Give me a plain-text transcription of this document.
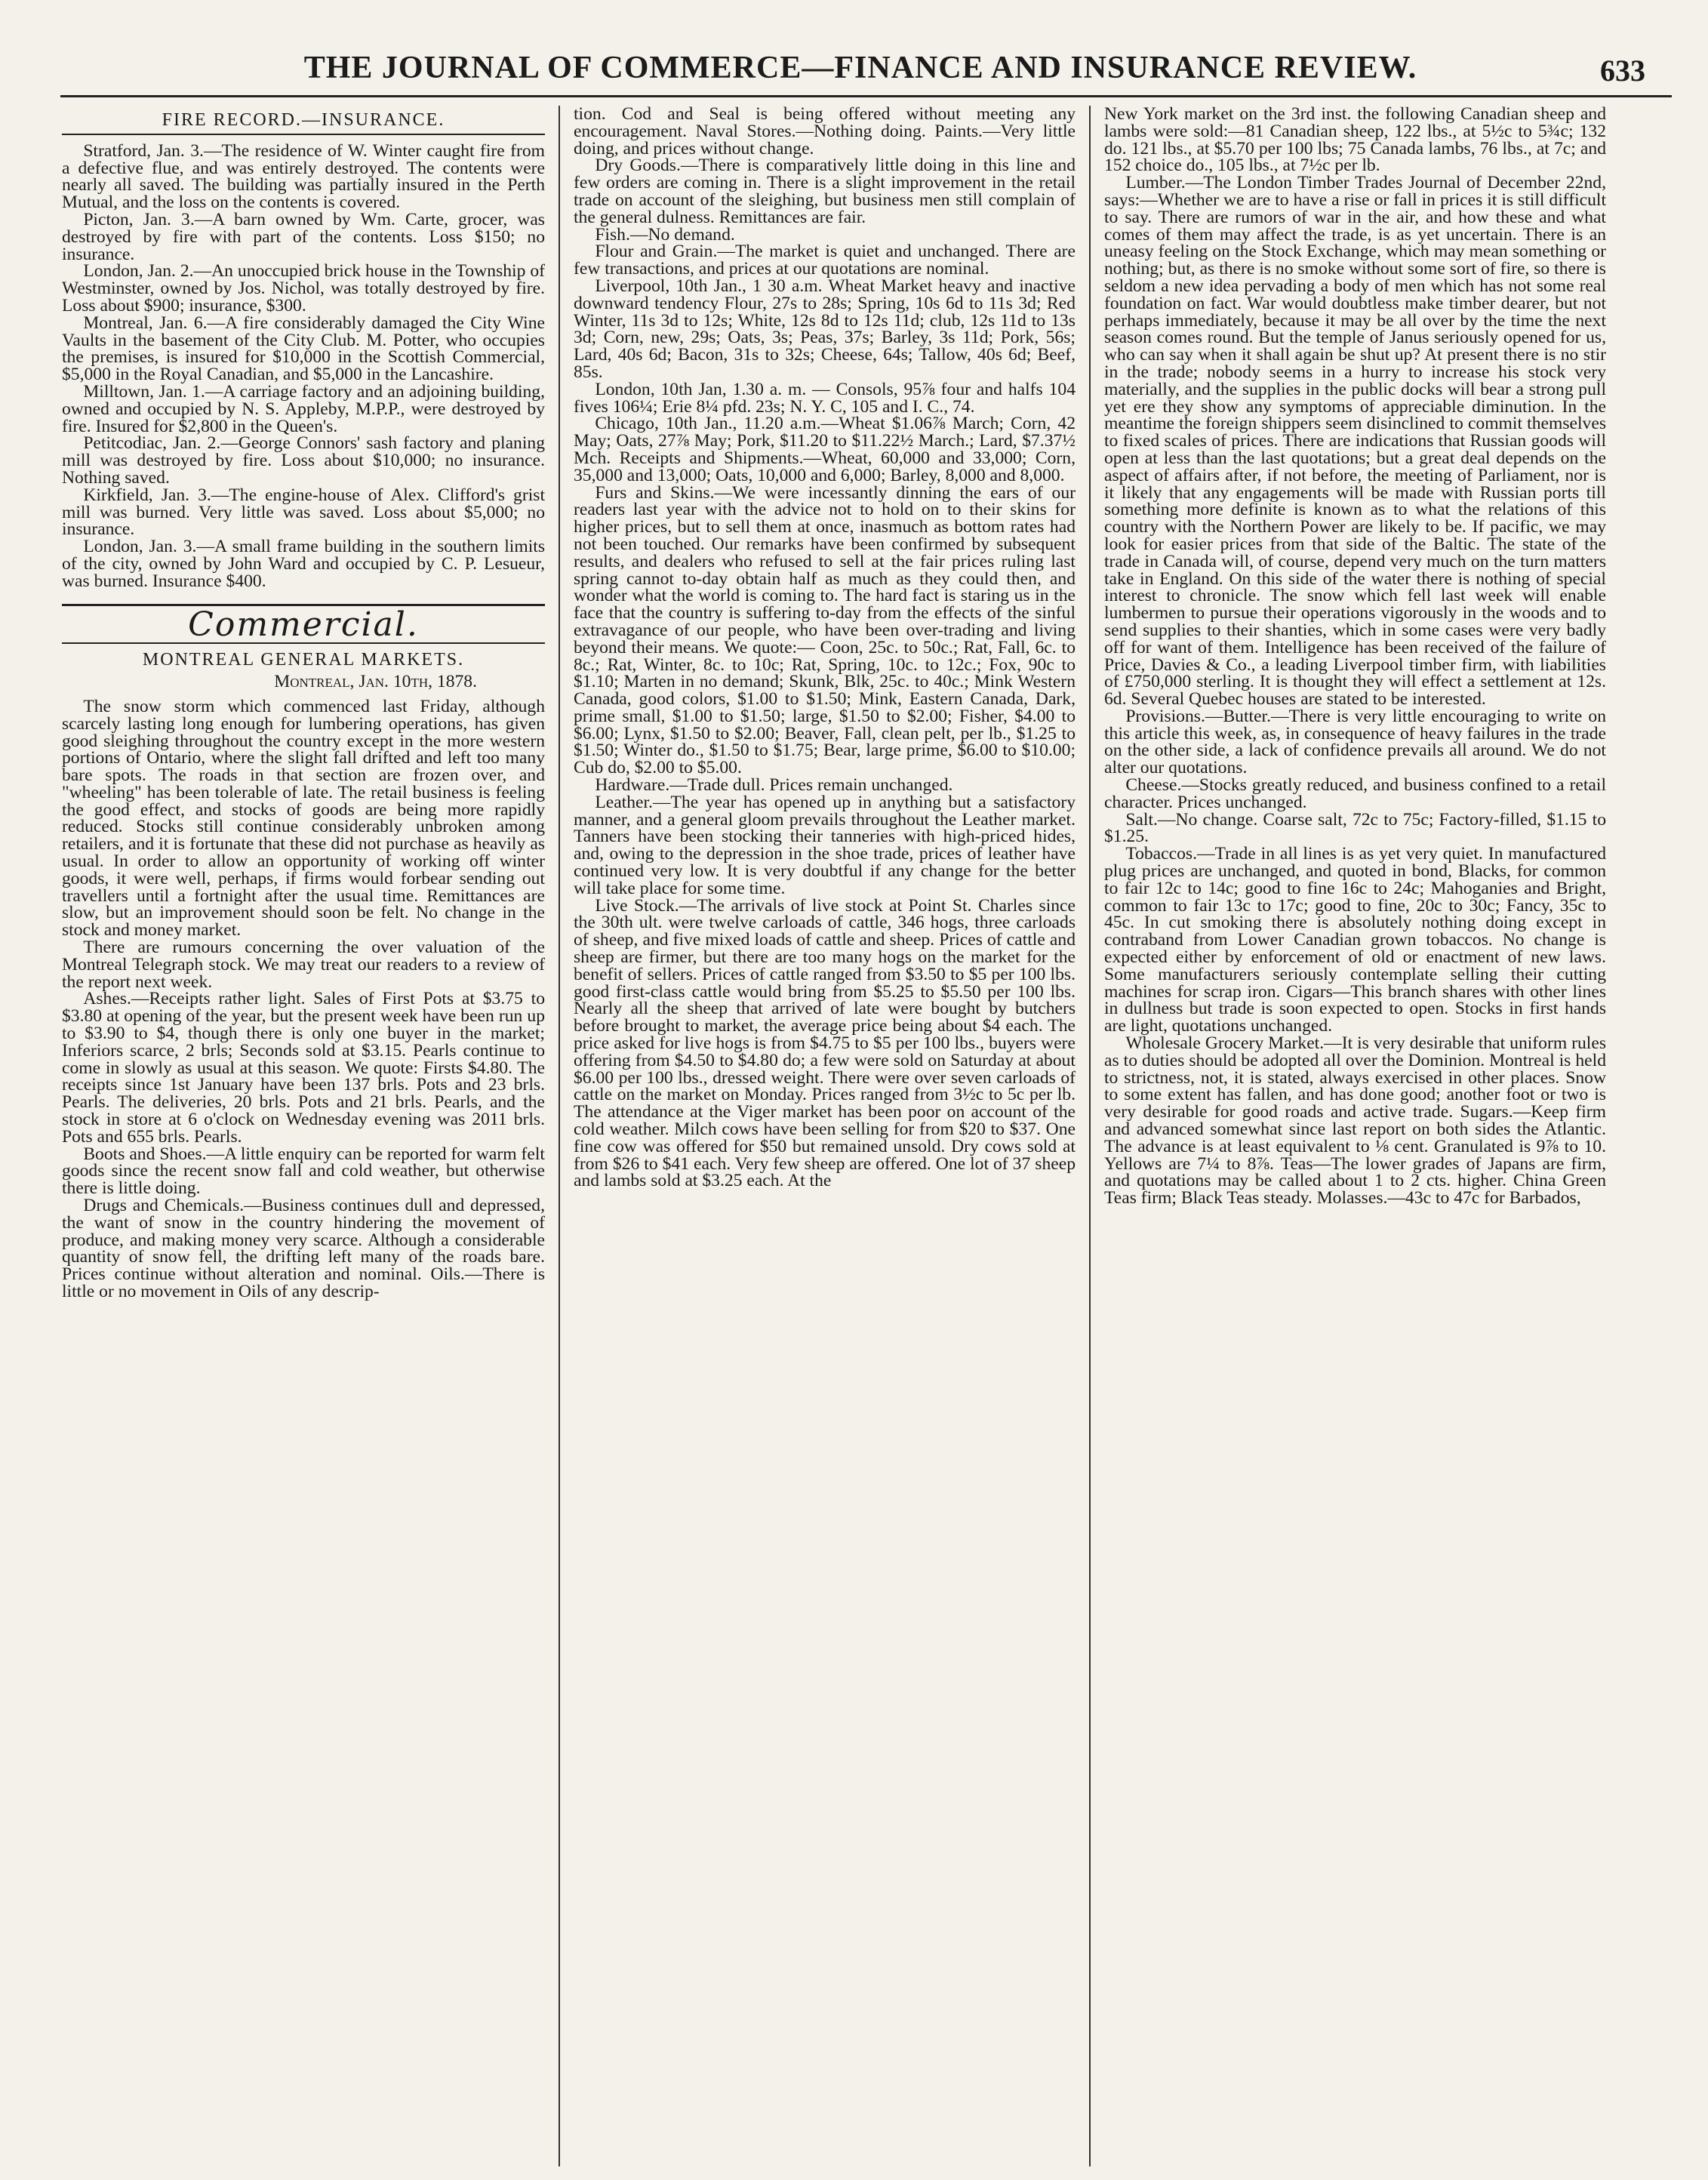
THE JOURNAL OF COMMERCE—FINANCE AND INSURANCE REVIEW.	633
FIRE RECORD.—INSURANCE.

Stratford, Jan. 3.—The residence of W. Winter caught fire from a defective flue, and was entirely destroyed. The contents were nearly all saved. The building was partially insured in the Perth Mutual, and the loss on the contents is covered.

Picton, Jan. 3.—A barn owned by Wm. Carte, grocer, was destroyed by fire with part of the contents. Loss $150; no insurance.

London, Jan. 2.—An unoccupied brick house in the Township of Westminster, owned by Jos. Nichol, was totally destroyed by fire. Loss about $900; insurance, $300.

Montreal, Jan. 6.—A fire considerably damaged the City Wine Vaults in the basement of the City Club. M. Potter, who occupies the premises, is insured for $10,000 in the Scottish Commercial, $5,000 in the Royal Canadian, and $5,000 in the Lancashire.

Milltown, Jan. 1.—A carriage factory and an adjoining building, owned and occupied by N. S. Appleby, M.P.P., were destroyed by fire. Insured for $2,800 in the Queen's.

Petitcodiac, Jan. 2.—George Connors' sash factory and planing mill was destroyed by fire. Loss about $10,000; no insurance. Nothing saved.

Kirkfield, Jan. 3.—The engine-house of Alex. Clifford's grist mill was burned. Very little was saved. Loss about $5,000; no insurance.

London, Jan. 3.—A small frame building in the southern limits of the city, owned by John Ward and occupied by C. P. Lesueur, was burned. Insurance $400.

Commercial.
MONTREAL GENERAL MARKETS.

Montreal, Jan. 10th, 1878.

The snow storm which commenced last Friday, although scarcely lasting long enough for lumbering operations, has given good sleighing throughout the country except in the more western portions of Ontario, where the slight fall drifted and left too many bare spots. The roads in that section are frozen over, and "wheeling" has been tolerable of late. The retail business is feeling the good effect, and stocks of goods are being more rapidly reduced. Stocks still continue considerably unbroken among retailers, and it is fortunate that these did not purchase as heavily as usual. In order to allow an opportunity of working off winter goods, it were well, perhaps, if firms would forbear sending out travellers until a fortnight after the usual time. Remittances are slow, but an improvement should soon be felt. No change in the stock and money market.

There are rumours concerning the over valuation of the Montreal Telegraph stock. We may treat our readers to a review of the report next week.

Ashes.—Receipts rather light. Sales of First Pots at $3.75 to $3.80 at opening of the year, but the present week have been run up to $3.90 to $4, though there is only one buyer in the market; Inferiors scarce, 2 brls; Seconds sold at $3.15. Pearls continue to come in slowly as usual at this season. We quote: Firsts $4.80. The receipts since 1st January have been 137 brls. Pots and 23 brls. Pearls. The deliveries, 20 brls. Pots and 21 brls. Pearls, and the stock in store at 6 o'clock on Wednesday evening was 2011 brls. Pots and 655 brls. Pearls.

Boots and Shoes.—A little enquiry can be reported for warm felt goods since the recent snow fall and cold weather, but otherwise there is little doing.

Drugs and Chemicals.—Business continues dull and depressed, the want of snow in the country hindering the movement of produce, and making money very scarce. Although a considerable quantity of snow fell, the drifting left many of the roads bare. Prices continue without alteration and nominal. Oils.—There is little or no movement in Oils of any descrip-

tion. Cod and Seal is being offered without meeting any encouragement. Naval Stores.—Nothing doing. Paints.—Very little doing, and prices without change.

Dry Goods.—There is comparatively little doing in this line and few orders are coming in. There is a slight improvement in the retail trade on account of the sleighing, but business men still complain of the general dulness. Remittances are fair.

Fish.—No demand.

Flour and Grain.—The market is quiet and unchanged. There are few transactions, and prices at our quotations are nominal.

Liverpool, 10th Jan., 1 30 a.m. Wheat Market heavy and inactive downward tendency Flour, 27s to 28s; Spring, 10s 6d to 11s 3d; Red Winter, 11s 3d to 12s; White, 12s 8d to 12s 11d; club, 12s 11d to 13s 3d; Corn, new, 29s; Oats, 3s; Peas, 37s; Barley, 3s 11d; Pork, 56s; Lard, 40s 6d; Bacon, 31s to 32s; Cheese, 64s; Tallow, 40s 6d; Beef, 85s.

London, 10th Jan, 1.30 a. m. — Consols, 95⅞ four and halfs 104 fives 106¼; Erie 8¼ pfd. 23s; N. Y. C, 105 and I. C., 74.

Chicago, 10th Jan., 11.20 a.m.—Wheat $1.06⅞ March; Corn, 42 May; Oats, 27⅞ May; Pork, $11.20 to $11.22½ March.; Lard, $7.37½ Mch. Receipts and Shipments.—Wheat, 60,000 and 33,000; Corn, 35,000 and 13,000; Oats, 10,000 and 6,000; Barley, 8,000 and 8,000.

Furs and Skins.—We were incessantly dinning the ears of our readers last year with the advice not to hold on to their skins for higher prices, but to sell them at once, inasmuch as bottom rates had not been touched. Our remarks have been confirmed by subsequent results, and dealers who refused to sell at the fair prices ruling last spring cannot to-day obtain half as much as they could then, and wonder what the world is coming to. The hard fact is staring us in the face that the country is suffering to-day from the effects of the sinful extravagance of our people, who have been over-trading and living beyond their means. We quote:— Coon, 25c. to 50c.; Rat, Fall, 6c. to 8c.; Rat, Winter, 8c. to 10c; Rat, Spring, 10c. to 12c.; Fox, 90c to $1.10; Marten in no demand; Skunk, Blk, 25c. to 40c.; Mink Western Canada, good colors, $1.00 to $1.50; Mink, Eastern Canada, Dark, prime small, $1.00 to $1.50; large, $1.50 to $2.00; Fisher, $4.00 to $6.00; Lynx, $1.50 to $2.00; Beaver, Fall, clean pelt, per lb., $1.25 to $1.50; Winter do., $1.50 to $1.75; Bear, large prime, $6.00 to $10.00; Cub do, $2.00 to $5.00.

Hardware.—Trade dull. Prices remain unchanged.

Leather.—The year has opened up in anything but a satisfactory manner, and a general gloom prevails throughout the Leather market. Tanners have been stocking their tanneries with high-priced hides, and, owing to the depression in the shoe trade, prices of leather have continued very low. It is very doubtful if any change for the better will take place for some time.

Live Stock.—The arrivals of live stock at Point St. Charles since the 30th ult. were twelve carloads of cattle, 346 hogs, three carloads of sheep, and five mixed loads of cattle and sheep. Prices of cattle and sheep are firmer, but there are too many hogs on the market for the benefit of sellers. Prices of cattle ranged from $3.50 to $5 per 100 lbs. good first-class cattle would bring from $5.25 to $5.50 per 100 lbs. Nearly all the sheep that arrived of late were bought by butchers before brought to market, the average price being about $4 each. The price asked for live hogs is from $4.75 to $5 per 100 lbs., buyers were offering from $4.50 to $4.80 do; a few were sold on Saturday at about $6.00 per 100 lbs., dressed weight. There were over seven carloads of cattle on the market on Monday. Prices ranged from 3½c to 5c per lb. The attendance at the Viger market has been poor on account of the cold weather. Milch cows have been selling for from $20 to $37. One fine cow was offered for $50 but remained unsold. Dry cows sold at from $26 to $41 each. Very few sheep are offered. One lot of 37 sheep and lambs sold at $3.25 each. At the

New York market on the 3rd inst. the following Canadian sheep and lambs were sold:—81 Canadian sheep, 122 lbs., at 5½c to 5¾c; 132 do. 121 lbs., at $5.70 per 100 lbs; 75 Canada lambs, 76 lbs., at 7c; and 152 choice do., 105 lbs., at 7½c per lb.

Lumber.—The London Timber Trades Journal of December 22nd, says:—Whether we are to have a rise or fall in prices it is still difficult to say. There are rumors of war in the air, and how these and what comes of them may affect the trade, is as yet uncertain. There is an uneasy feeling on the Stock Exchange, which may mean something or nothing; but, as there is no smoke without some sort of fire, so there is seldom a new idea pervading a body of men which has not some real foundation on fact. War would doubtless make timber dearer, but not perhaps immediately, because it may be all over by the time the next season comes round. But the temple of Janus seriously opened for us, who can say when it shall again be shut up? At present there is no stir in the trade; nobody seems in a hurry to increase his stock very materially, and the supplies in the public docks will bear a strong pull yet ere they show any symptoms of appreciable diminution. In the meantime the foreign shippers seem disinclined to commit themselves to fixed scales of prices. There are indications that Russian goods will open at less than the last quotations; but a great deal depends on the aspect of affairs after, if not before, the meeting of Parliament, nor is it likely that any engagements will be made with Russian ports till something more definite is known as to what the relations of this country with the Northern Power are likely to be. If pacific, we may look for easier prices from that side of the Baltic. The state of the trade in Canada will, of course, depend very much on the turn matters take in England. On this side of the water there is nothing of special interest to chronicle. The snow which fell last week will enable lumbermen to pursue their operations vigorously in the woods and to send supplies to their shanties, which in some cases were very badly off for want of them. Intelligence has been received of the failure of Price, Davies & Co., a leading Liverpool timber firm, with liabilities of £750,000 sterling. It is thought they will effect a settlement at 12s. 6d. Several Quebec houses are stated to be interested.

Provisions.—Butter.—There is very little encouraging to write on this article this week, as, in consequence of heavy failures in the trade on the other side, a lack of confidence prevails all around. We do not alter our quotations.

Cheese.—Stocks greatly reduced, and business confined to a retail character. Prices unchanged.

Salt.—No change. Coarse salt, 72c to 75c; Factory-filled, $1.15 to $1.25.

Tobaccos.—Trade in all lines is as yet very quiet. In manufactured plug prices are unchanged, and quoted in bond, Blacks, for common to fair 12c to 14c; good to fine 16c to 24c; Mahoganies and Bright, common to fair 13c to 17c; good to fine, 20c to 30c; Fancy, 35c to 45c. In cut smoking there is absolutely nothing doing except in contraband from Lower Canadian grown tobaccos. No change is expected either by enforcement of old or enactment of new laws. Some manufacturers seriously contemplate selling their cutting machines for scrap iron. Cigars—This branch shares with other lines in dullness but trade is soon expected to open. Stocks in first hands are light, quotations unchanged.

Wholesale Grocery Market.—It is very desirable that uniform rules as to duties should be adopted all over the Dominion. Montreal is held to strictness, not, it is stated, always exercised in other places. Snow to some extent has fallen, and has done good; another foot or two is very desirable for good roads and active trade. Sugars.—Keep firm and advanced somewhat since last report on both sides the Atlantic. The advance is at least equivalent to ⅛ cent. Granulated is 9⅞ to 10. Yellows are 7¼ to 8⅞. Teas—The lower grades of Japans are firm, and quotations may be called about 1 to 2 cts. higher. China Green Teas firm; Black Teas steady. Molasses.—43c to 47c for Barbados,
